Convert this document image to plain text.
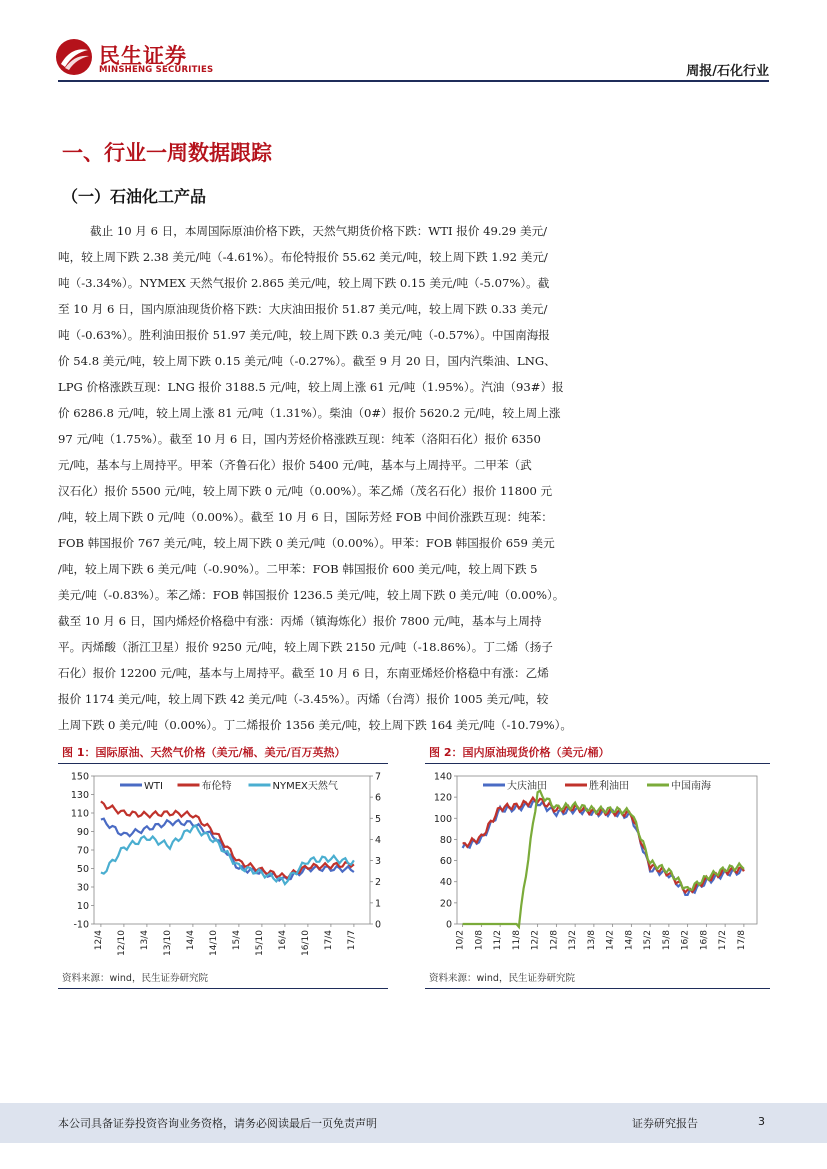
民生证券
MINSHENG SECURITIES	周报/石化行业
一、行业一周数据跟踪
（一）石油化工产品
截止 10 月 6 日，本周国际原油价格下跌，天然气期货价格下跌：WTI 报价 49.29 美元/
吨，较上周下跌 2.38 美元/吨（-4.61%）。布伦特报价 55.62 美元/吨，较上周下跌 1.92 美元/
吨（-3.34%）。NYMEX 天然气报价 2.865 美元/吨，较上周下跌 0.15 美元/吨（-5.07%）。截
至 10 月 6 日，国内原油现货价格下跌：大庆油田报价 51.87 美元/吨，较上周下跌 0.33 美元/
吨（-0.63%）。胜利油田报价 51.97 美元/吨，较上周下跌 0.3 美元/吨（-0.57%）。中国南海报
价 54.8 美元/吨，较上周下跌 0.15 美元/吨（-0.27%）。截至 9 月 20 日，国内汽柴油、LNG、
LPG 价格涨跌互现：LNG 报价 3188.5 元/吨，较上周上涨 61 元/吨（1.95%）。汽油（93#）报
价 6286.8 元/吨，较上周上涨 81 元/吨（1.31%）。柴油（0#）报价 5620.2 元/吨，较上周上涨
97 元/吨（1.75%）。截至 10 月 6 日，国内芳烃价格涨跌互现：纯苯（洛阳石化）报价 6350
元/吨，基本与上周持平。甲苯（齐鲁石化）报价 5400 元/吨，基本与上周持平。二甲苯（武
汉石化）报价 5500 元/吨，较上周下跌 0 元/吨（0.00%）。苯乙烯（茂名石化）报价 11800 元
/吨，较上周下跌 0 元/吨（0.00%）。截至 10 月 6 日，国际芳烃 FOB 中间价涨跌互现：纯苯：
FOB 韩国报价 767 美元/吨，较上周下跌 0 美元/吨（0.00%）。甲苯：FOB 韩国报价 659 美元
/吨，较上周下跌 6 美元/吨（-0.90%）。二甲苯：FOB 韩国报价 600 美元/吨，较上周下跌 5
美元/吨（-0.83%）。苯乙烯：FOB 韩国报价 1236.5 美元/吨，较上周下跌 0 美元/吨（0.00%）。
截至 10 月 6 日，国内烯烃价格稳中有涨：丙烯（镇海炼化）报价 7800 元/吨，基本与上周持
平。丙烯酸（浙江卫星）报价 9250 元/吨，较上周下跌 2150 元/吨（-18.86%）。丁二烯（扬子
石化）报价 12200 元/吨，基本与上周持平。截至 10 月 6 日，东南亚烯烃价格稳中有涨：乙烯
报价 1174 美元/吨，较上周下跌 42 美元/吨（-3.45%）。丙烯（台湾）报价 1005 美元/吨，较
上周下跌 0 美元/吨（0.00%）。丁二烯报价 1356 美元/吨，较上周下跌 164 美元/吨（-10.79%）。
图 1：国际原油、天然气价格（美元/桶、美元/百万英热）
-10
10
30
50
70
90
110
130
150
0
1
2
3
4
5
6
7
12/4 12/10 13/4 13/10 14/4 14/10 15/4 15/10 16/4 16/10 17/4 17/7
WTI	布伦特	NYMEX天然气
资料来源：wind，民生证券研究院
图 2：国内原油现货价格（美元/桶）
0
20
40
60
80
100
120
140
10/2 10/8 11/2 11/8 12/2 12/8 13/2 13/8 14/2 14/8 15/2 15/8 16/2 16/8 17/2 17/8
大庆油田	胜利油田	中国南海
资料来源：wind，民生证券研究院
本公司具备证券投资咨询业务资格，请务必阅读最后一页免责声明	证券研究报告	3
